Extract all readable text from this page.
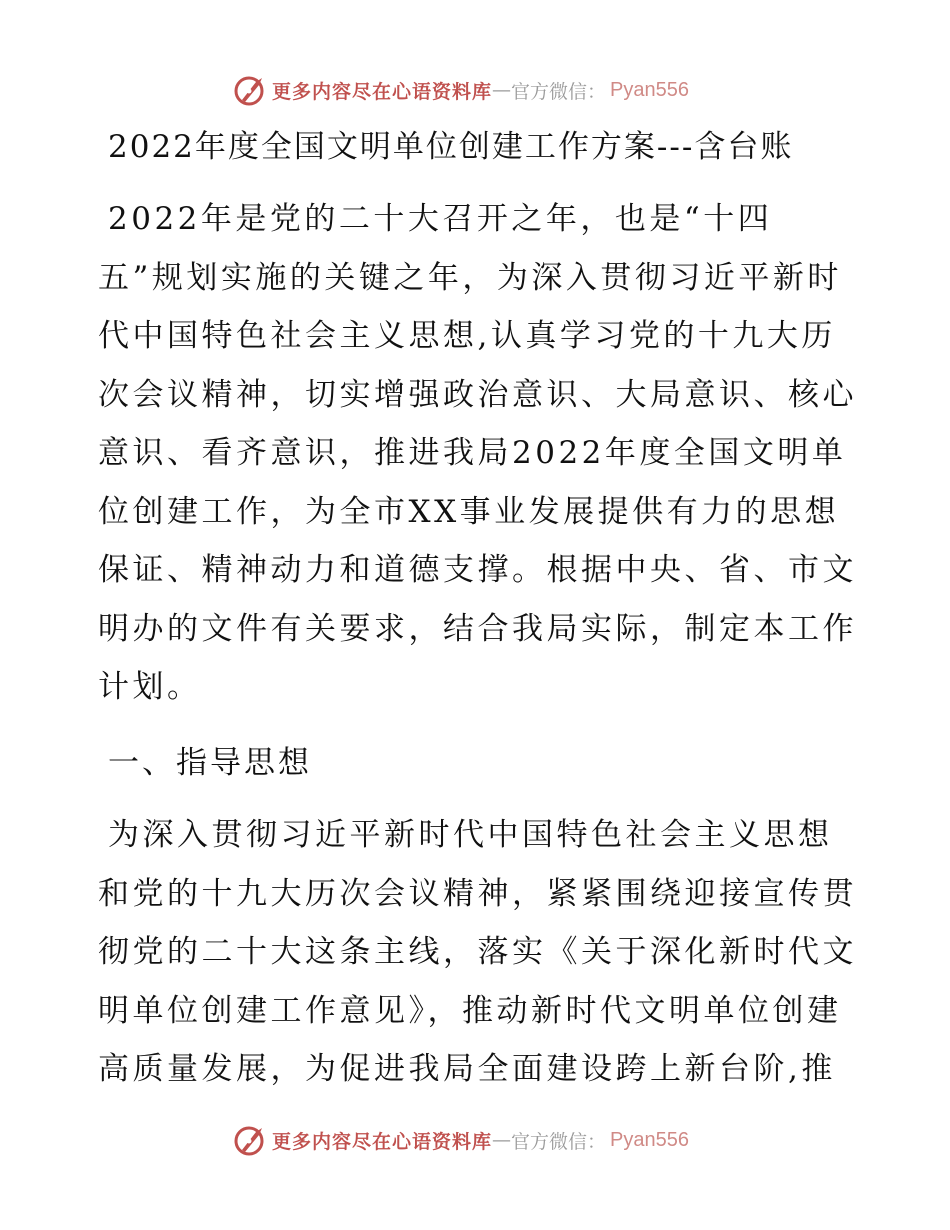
更多内容尽在心语资料库 — 官方微信： Pyan556
2022年度全国文明单位创建工作方案---含台账
2022年是党的二十大召开之年，也是“十四
五”规划实施的关键之年，为深入贯彻习近平新时
代中国特色社会主义思想,认真学习党的十九大历
次会议精神，切实增强政治意识、大局意识、核心
意识、看齐意识，推进我局2022年度全国文明单
位创建工作，为全市XX事业发展提供有力的思想
保证、精神动力和道德支撑。根据中央、省、市文
明办的文件有关要求，结合我局实际，制定本工作
计划。
一、指导思想
为深入贯彻习近平新时代中国特色社会主义思想
和党的十九大历次会议精神，紧紧围绕迎接宣传贯
彻党的二十大这条主线，落实《关于深化新时代文
明单位创建工作意见》，推动新时代文明单位创建
高质量发展，为促进我局全面建设跨上新台阶,推
更多内容尽在心语资料库 — 官方微信： Pyan556
